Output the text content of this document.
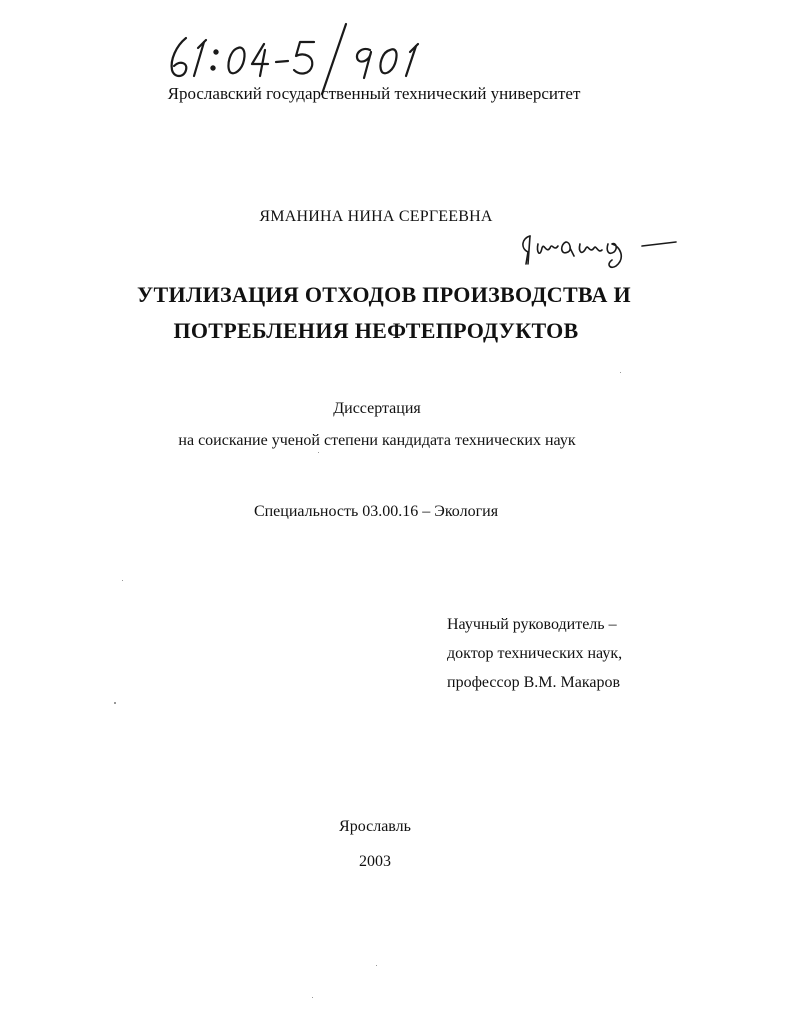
Ярославский государственный технический университет
ЯМАНИНА НИНА СЕРГЕЕВНА
УТИЛИЗАЦИЯ ОТХОДОВ ПРОИЗВОДСТВА И
ПОТРЕБЛЕНИЯ НЕФТЕПРОДУКТОВ
Диссертация
на соискание ученой степени кандидата технических наук
Специальность 03.00.16 – Экология
Научный руководитель –
доктор технических наук,
профессор В.М. Макаров
Ярославль
2003
